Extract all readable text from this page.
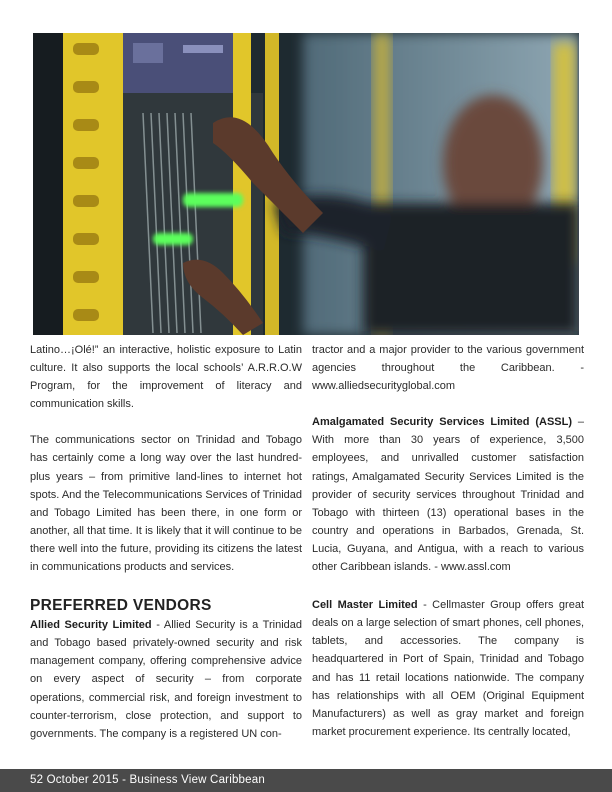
Latino…¡Olé!” an interactive, holistic exposure to Latin culture. It also supports the local schools’ A.R.R.O.W Program, for the improvement of literacy and communication skills.

The communications sector on Trinidad and Tobago has certainly come a long way over the last hundred-plus years – from primitive land-lines to internet hot spots. And the Telecommunications Services of Trinidad and Tobago Limited has been there, in one form or another, all that time. It is likely that it will continue to be there well into the future, providing its citizens the latest in communications products and services.

PREFERRED VENDORS

Allied Security Limited - Allied Security is a Trinidad and Tobago based privately-owned security and risk management company, offering comprehensive advice on every aspect of security – from corporate operations, commercial risk, and foreign investment to counter-terrorism, close protection, and support to governments. The company is a registered UN con-

tractor and a major provider to the various government agencies throughout the Caribbean. - www.alliedsecurityglobal.com

Amalgamated Security Services Limited (ASSL) – With more than 30 years of experience, 3,500 employees, and unrivalled customer satisfaction ratings, Amalgamated Security Services Limited is the provider of security services throughout Trinidad and Tobago with thirteen (13) operational bases in the country and operations in Barbados, Grenada, St. Lucia, Guyana, and Antigua, with a reach to various other Caribbean islands. - www.assl.com

Cell Master Limited - Cellmaster Group offers great deals on a large selection of smart phones, cell phones, tablets, and accessories. The company is headquartered in Port of Spain, Trinidad and Tobago and has 11 retail locations nationwide. The company has relationships with all OEM (Original Equipment Manufacturers) as well as gray market and foreign market procurement experience. Its centrally located,

52 October 2015 - Business View Caribbean
